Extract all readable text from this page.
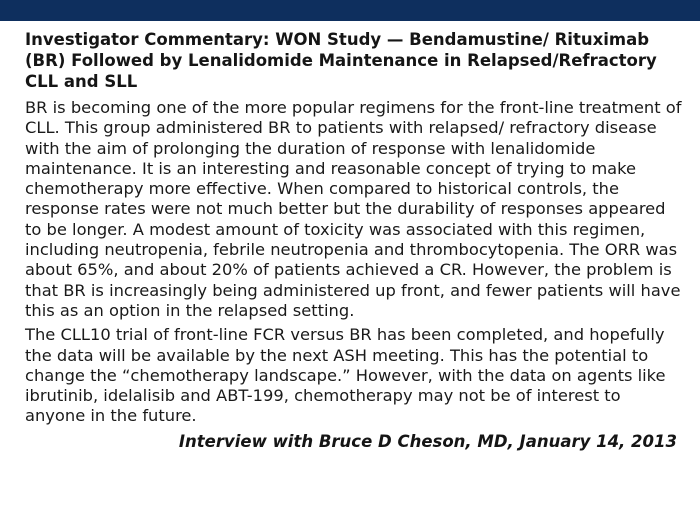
Investigator Commentary: WON Study — Bendamustine/ Rituximab (BR) Followed by Lenalidomide Maintenance in Relapsed/Refractory CLL and SLL

BR is becoming one of the more popular regimens for the front-line treatment of CLL. This group administered BR to patients with relapsed/ refractory disease with the aim of prolonging the duration of response with lenalidomide maintenance. It is an interesting and reasonable concept of trying to make chemotherapy more effective. When compared to historical controls, the response rates were not much better but the durability of responses appeared to be longer. A modest amount of toxicity was associated with this regimen, including neutropenia, febrile neutropenia and thrombocytopenia. The ORR was about 65%, and about 20% of patients achieved a CR. However, the problem is that BR is increasingly being administered up front, and fewer patients will have this as an option in the relapsed setting.

The CLL10 trial of front-line FCR versus BR has been completed, and hopefully the data will be available by the next ASH meeting. This has the potential to change the “chemotherapy landscape.” However, with the data on agents like ibrutinib, idelalisib and ABT-199, chemotherapy may not be of interest to anyone in the future.

Interview with Bruce D Cheson, MD, January 14, 2013
